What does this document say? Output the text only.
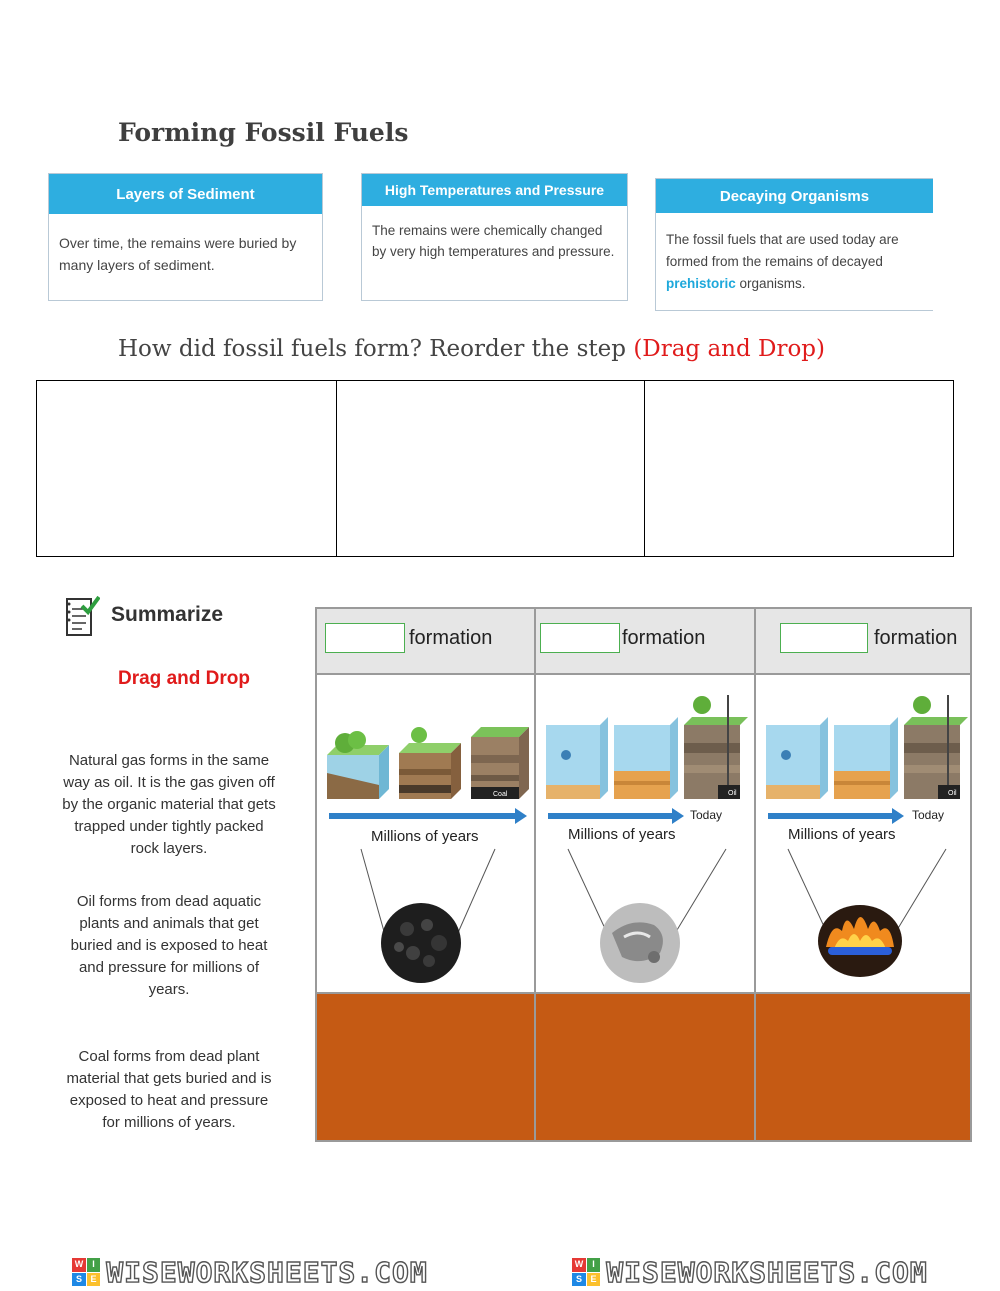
Forming Fossil Fuels
Layers of Sediment
Over time, the remains were buried by many layers of sediment.
High Temperatures and Pressure
The remains were chemically changed by very high temperatures and pressure.
Decaying Organisms
The fossil fuels that are used today are formed from the remains of decayed prehistoric organisms.
How did fossil fuels form? Reorder the step (Drag and Drop)
Summarize
Drag and Drop
Natural gas forms in the same way as oil. It is the gas given off by the organic material that gets trapped under tightly packed rock layers.
Oil forms from dead aquatic plants and animals that get buried and is exposed to heat and pressure for millions of years.
Coal forms from dead plant material that gets buried and is exposed to heat and pressure for millions of years.
formation
Coal
Millions of years
formation
Oil
Today
Millions of years
formation
Oil
Today
Millions of years
W I
S E WISEWORKSHEETS.COM	W I
S E WISEWORKSHEETS.COM
